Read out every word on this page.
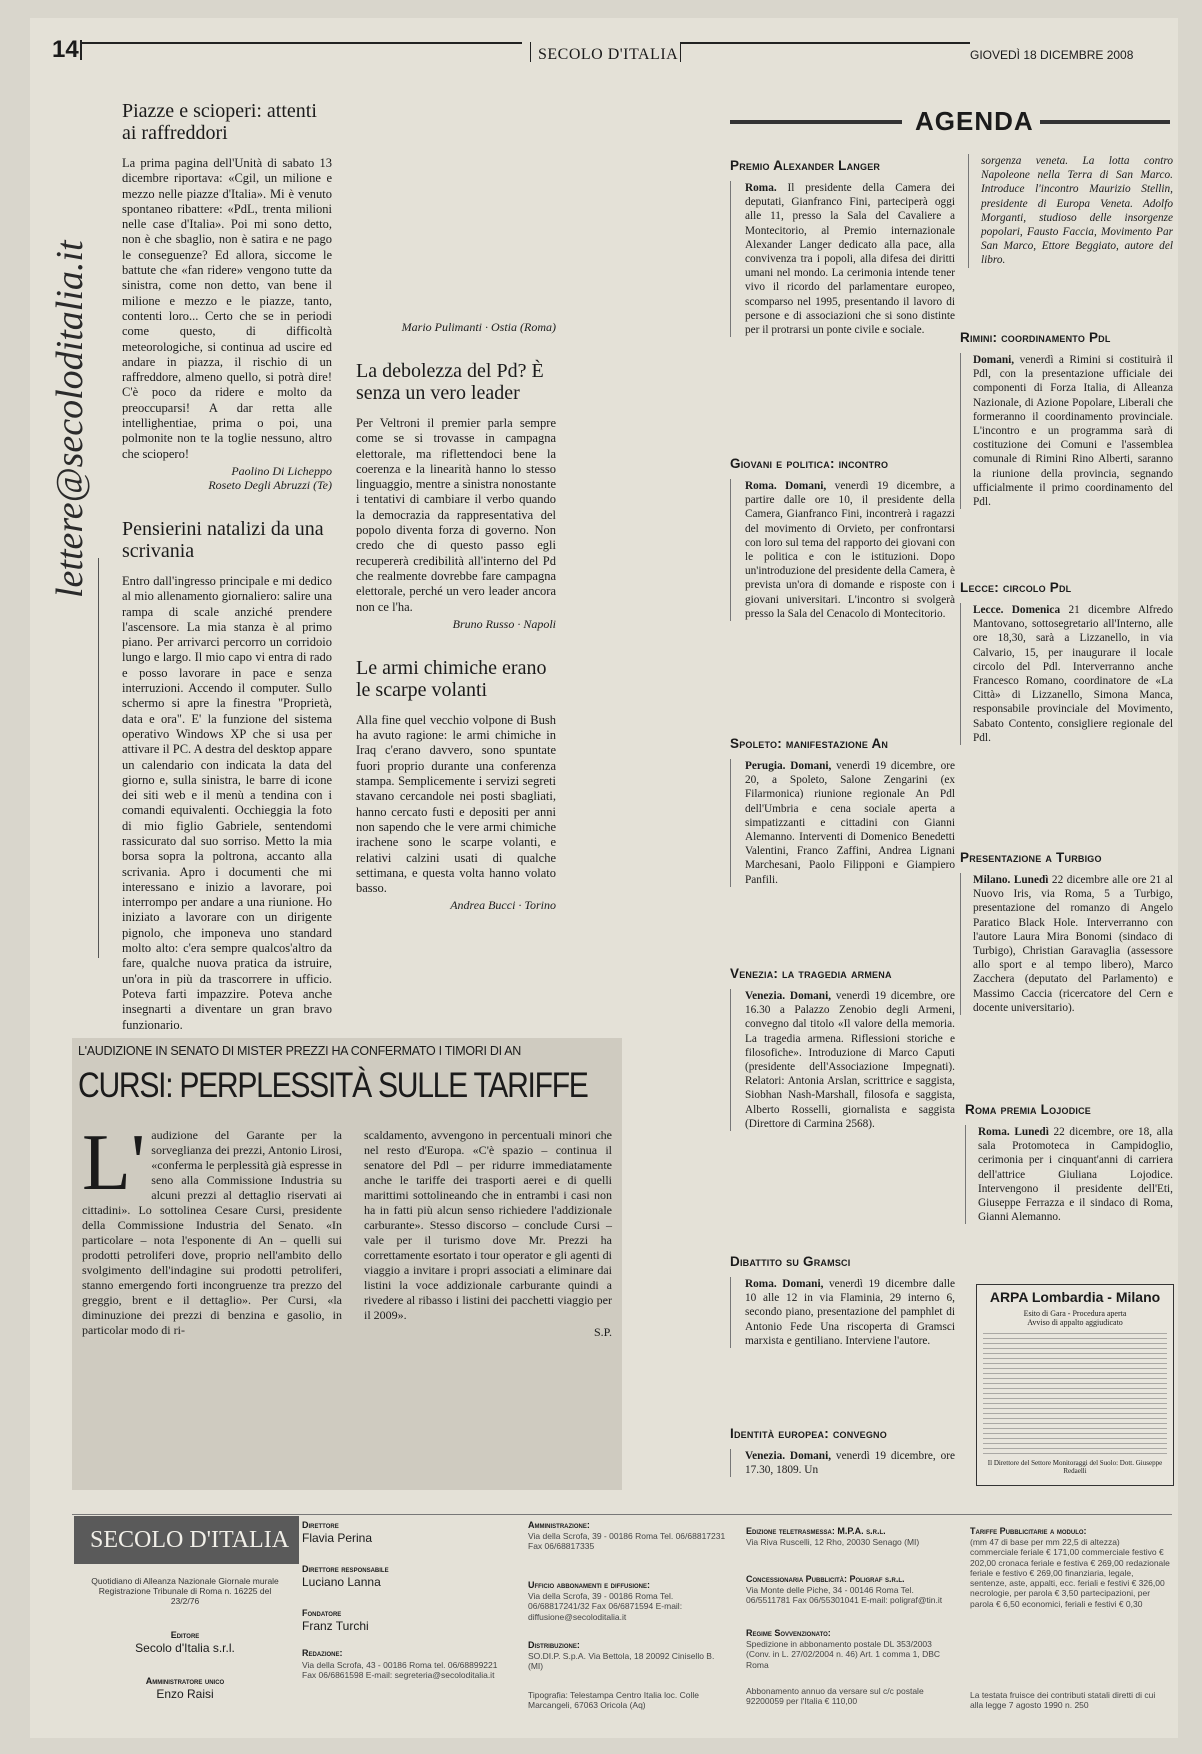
14	SECOLO D'ITALIA	GIOVEDÌ 18 DICEMBRE 2008
lettere@secoloditalia.it
Piazze e scioperi: attenti ai raffreddori

La prima pagina dell'Unità di sabato 13 dicembre riportava: «Cgil, un milione e mezzo nelle piazze d'Italia». Mi è venuto spontaneo ribattere: «PdL, trenta milioni nelle case d'Italia». Poi mi sono detto, non è che sbaglio, non è satira e ne pago le conseguenze? Ed allora, siccome le battute che «fan ridere» vengono tutte da sinistra, come non detto, van bene il milione e mezzo e le piazze, tanto, contenti loro... Certo che se in periodi come questo, di difficoltà meteorologiche, si continua ad uscire ed andare in piazza, il rischio di un raffreddore, almeno quello, si potrà dire! C'è poco da ridere e molto da preoccuparsi! A dar retta alle intellighentiae, prima o poi, una polmonite non te la toglie nessuno, altro che sciopero!

Paolino Di Licheppo

Roseto Degli Abruzzi (Te)

Pensierini natalizi da una scrivania

Entro dall'ingresso principale e mi dedico al mio allenamento giornaliero: salire una rampa di scale anziché prendere l'ascensore. La mia stanza è al primo piano. Per arrivarci percorro un corridoio lungo e largo. Il mio capo vi entra di rado e posso lavorare in pace e senza interruzioni. Accendo il computer. Sullo schermo si apre la finestra "Proprietà, data e ora". E' la funzione del sistema operativo Windows XP che si usa per attivare il PC. A destra del desktop appare un calendario con indicata la data del giorno e, sulla sinistra, le barre di icone dei siti web e il menù a tendina con i comandi equivalenti. Occhieggia la foto di mio figlio Gabriele, sentendomi rassicurato dal suo sorriso. Metto la mia borsa sopra la poltrona, accanto alla scrivania. Apro i documenti che mi interessano e inizio a lavorare, poi interrompo per andare a una riunione. Ho iniziato a lavorare con un dirigente pignolo, che imponeva uno standard molto alto: c'era sempre qualcos'altro da fare, qualche nuova pratica da istruire, un'ora in più da trascorrere in ufficio. Poteva farti impazzire. Poteva anche insegnarti a diventare un gran bravo funzionario.

Mario Pulimanti · Ostia (Roma)

La debolezza del Pd? È senza un vero leader

Per Veltroni il premier parla sempre come se si trovasse in campagna elettorale, ma riflettendoci bene la coerenza e la linearità hanno lo stesso linguaggio, mentre a sinistra nonostante i tentativi di cambiare il verbo quando la democrazia da rappresentativa del popolo diventa forza di governo. Non credo che di questo passo egli recupererà credibilità all'interno del Pd che realmente dovrebbe fare campagna elettorale, perché un vero leader ancora non ce l'ha.

Bruno Russo · Napoli

Le armi chimiche erano le scarpe volanti

Alla fine quel vecchio volpone di Bush ha avuto ragione: le armi chimiche in Iraq c'erano davvero, sono spuntate fuori proprio durante una conferenza stampa. Semplicemente i servizi segreti stavano cercandole nei posti sbagliati, hanno cercato fusti e depositi per anni non sapendo che le vere armi chimiche irachene sono le scarpe volanti, e relativi calzini usati di qualche settimana, e questa volta hanno volato basso.

Andrea Bucci · Torino

L'AUDIZIONE IN SENATO DI MISTER PREZZI HA CONFERMATO I TIMORI DI AN
CURSI: PERPLESSITÀ SULLE TARIFFE
L' audizione del Garante per la sorveglianza dei prezzi, Antonio Lirosi, «conferma le perplessità già espresse in seno alla Commissione Industria su alcuni prezzi al dettaglio riservati ai cittadini». Lo sottolinea Cesare Cursi, presidente della Commissione Industria del Senato. «In particolare – nota l'esponente di An – quelli sui prodotti petroliferi dove, proprio nell'ambito dello svolgimento dell'indagine sui prodotti petroliferi, stanno emergendo forti incongruenze tra prezzo del greggio, brent e il dettaglio». Per Cursi, «la diminuzione dei prezzi di benzina e gasolio, in particolar modo di ri-

scaldamento, avvengono in percentuali minori che nel resto d'Europa. «C'è spazio – continua il senatore del Pdl – per ridurre immediatamente anche le tariffe dei trasporti aerei e di quelli marittimi sottolineando che in entrambi i casi non ha in fatti più alcun senso richiedere l'addizionale carburante». Stesso discorso – conclude Cursi – vale per il turismo dove Mr. Prezzi ha correttamente esortato i tour operator e gli agenti di viaggio a invitare i propri associati a eliminare dai listini la voce addizionale carburante quindi a rivedere al ribasso i listini dei pacchetti viaggio per il 2009».

S.P.

AGENDA
Premio Alexander Langer

Roma. Il presidente della Camera dei deputati, Gianfranco Fini, parteciperà oggi alle 11, presso la Sala del Cavaliere a Montecitorio, al Premio internazionale Alexander Langer dedicato alla pace, alla convivenza tra i popoli, alla difesa dei diritti umani nel mondo. La cerimonia intende tener vivo il ricordo del parlamentare europeo, scomparso nel 1995, presentando il lavoro di persone e di associazioni che si sono distinte per il protrarsi un ponte civile e sociale.

Giovani e politica: incontro

Roma. Domani, venerdì 19 dicembre, a partire dalle ore 10, il presidente della Camera, Gianfranco Fini, incontrerà i ragazzi del movimento di Orvieto, per confrontarsi con loro sul tema del rapporto dei giovani con le politica e con le istituzioni. Dopo un'introduzione del presidente della Camera, è prevista un'ora di domande e risposte con i giovani universitari. L'incontro si svolgerà presso la Sala del Cenacolo di Montecitorio.

Spoleto: manifestazione An

Perugia. Domani, venerdì 19 dicembre, ore 20, a Spoleto, Salone Zengarini (ex Filarmonica) riunione regionale An Pdl dell'Umbria e cena sociale aperta a simpatizzanti e cittadini con Gianni Alemanno. Interventi di Domenico Benedetti Valentini, Franco Zaffini, Andrea Lignani Marchesani, Paolo Filipponi e Giampiero Panfili.

Venezia: la tragedia armena

Venezia. Domani, venerdì 19 dicembre, ore 16.30 a Palazzo Zenobio degli Armeni, convegno dal titolo «Il valore della memoria. La tragedia armena. Riflessioni storiche e filosofiche». Introduzione di Marco Caputi (presidente dell'Associazione Impegnati). Relatori: Antonia Arslan, scrittrice e saggista, Siobhan Nash-Marshall, filosofa e saggista, Alberto Rosselli, giornalista e saggista (Direttore di Carmina 2568).

Dibattito su Gramsci

Roma. Domani, venerdì 19 dicembre dalle 10 alle 12 in via Flaminia, 29 interno 6, secondo piano, presentazione del pamphlet di Antonio Fede Una riscoperta di Gramsci marxista e gentiliano. Interviene l'autore.

Identità europea: convegno

Venezia. Domani, venerdì 19 dicembre, ore 17.30, 1809. Un

sorgenza veneta. La lotta contro Napoleone nella Terra di San Marco. Introduce l'incontro Maurizio Stellin, presidente di Europa Veneta. Adolfo Morganti, studioso delle insorgenze popolari, Fausto Faccia, Movimento Par San Marco, Ettore Beggiato, autore del libro.

Rimini: coordinamento Pdl

Domani, venerdì a Rimini si costituirà il Pdl, con la presentazione ufficiale dei componenti di Forza Italia, di Alleanza Nazionale, di Azione Popolare, Liberali che formeranno il coordinamento provinciale. L'incontro e un programma sarà di costituzione dei Comuni e l'assemblea comunale di Rimini Rino Alberti, saranno la riunione della provincia, segnando ufficialmente il primo coordinamento del Pdl.

Lecce: circolo Pdl

Lecce. Domenica 21 dicembre Alfredo Mantovano, sottosegretario all'Interno, alle ore 18,30, sarà a Lizzanello, in via Calvario, 15, per inaugurare il locale circolo del Pdl. Interverranno anche Francesco Romano, coordinatore de «La Città» di Lizzanello, Simona Manca, responsabile provinciale del Movimento, Sabato Contento, consigliere regionale del Pdl.

Presentazione a Turbigo

Milano. Lunedì 22 dicembre alle ore 21 al Nuovo Iris, via Roma, 5 a Turbigo, presentazione del romanzo di Angelo Paratico Black Hole. Interverranno con l'autore Laura Mira Bonomi (sindaco di Turbigo), Christian Garavaglia (assessore allo sport e al tempo libero), Marco Zacchera (deputato del Parlamento) e Massimo Caccia (ricercatore del Cern e docente universitario).

Roma premia Lojodice

Roma. Lunedì 22 dicembre, ore 18, alla sala Protomoteca in Campidoglio, cerimonia per i cinquant'anni di carriera dell'attrice Giuliana Lojodice. Intervengono il presidente dell'Eti, Giuseppe Ferrazza e il sindaco di Roma, Gianni Alemanno.

ARPA Lombardia - Milano
Esito di Gara - Procedura aperta
Avviso di appalto aggiudicato
Il Direttore del Settore Monitoraggi del Suolo: Dott. Giuseppe Redaelli
SECOLO D'ITALIA
Quotidiano di Alleanza Nazionale Giornale murale Registrazione Tribunale di Roma n. 16225 del 23/2/76
Editore
Secolo d'Italia s.r.l.
Amministratore unico
Enzo Raisi
Direttore
Flavia Perina
Direttore responsabile
Luciano Lanna
Fondatore
Franz Turchi
Redazione:
Via della Scrofa, 43 - 00186 Roma tel. 06/68899221 Fax 06/6861598 E-mail: segreteria@secoloditalia.it
Amministrazione:
Via della Scrofa, 39 - 00186 Roma Tel. 06/68817231 Fax 06/68817335
Ufficio abbonamenti e diffusione:
Via della Scrofa, 39 - 00186 Roma Tel. 06/68817241/32 Fax 06/6871594 E-mail: diffusione@secoloditalia.it
Distribuzione:
SO.DI.P. S.p.A. Via Bettola, 18 20092 Cinisello B. (MI)
Tipografia: Telestampa Centro Italia loc. Colle Marcangeli, 67063 Oricola (Aq)
Edizione teletrasmessa: M.P.A. s.r.l.
Via Riva Ruscelli, 12 Rho, 20030 Senago (MI)
Concessionaria Pubblicità: Poligraf s.r.l.
Via Monte delle Piche, 34 - 00146 Roma Tel. 06/5511781 Fax 06/55301041 E-mail: poligraf@tin.it
Regime Sovvenzionato:
Spedizione in abbonamento postale DL 353/2003 (Conv. in L. 27/02/2004 n. 46) Art. 1 comma 1, DBC Roma
Abbonamento annuo da versare sul c/c postale 92200059 per l'Italia € 110,00
Tariffe Pubblicitarie a modulo:
(mm 47 di base per mm 22,5 di altezza) commerciale feriale € 171,00 commerciale festivo € 202,00 cronaca feriale e festiva € 269,00 redazionale feriale e festivo € 269,00 finanziaria, legale, sentenze, aste, appalti, ecc. feriali e festivi € 326,00 necrologie, per parola € 3,50 partecipazioni, per parola € 6,50 economici, feriali e festivi € 0,30
La testata fruisce dei contributi statali diretti di cui alla legge 7 agosto 1990 n. 250
